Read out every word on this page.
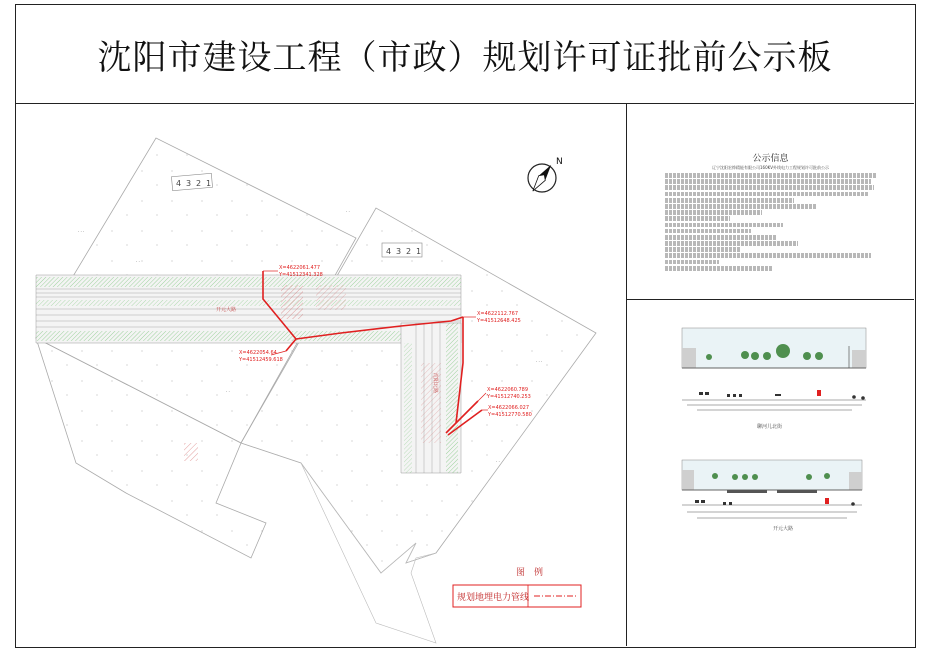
沈阳市建设工程（市政）规划许可证批前公示板
开元大路
沈阳北路
4 3 2 1
4 3 2 1
N
X=4622061.477
Y=41512341.328
X=4622112.767
Y=41512648.425
X=4622054.64
Y=41512459.618
X=4622060.789
Y=41512740.253
X=4622066.027
Y=41512770.580
· · ·
· ·
· ·
· · ·
· ·
· ·
图　例
规划地埋电力管线
公示信息
辽宁沈阳宏烨精能有限公司160KV外线电力工程规划许可批前公示
聊河儿北街
开元大路
